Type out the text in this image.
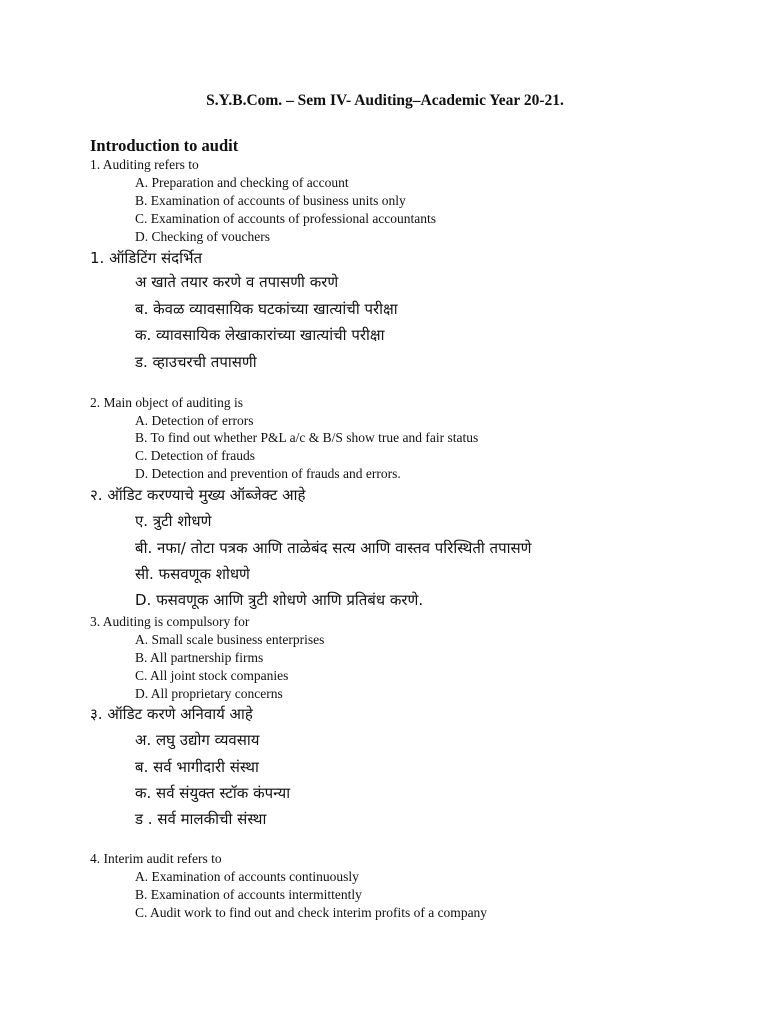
S.Y.B.Com. – Sem IV- Auditing–Academic Year 20-21.
Introduction to audit
1. Auditing refers to
A. Preparation and checking of account
B. Examination of accounts of business units only
C. Examination of accounts of professional accountants
D. Checking of vouchers
1. ऑडिटिंग संदर्भित
अ खाते तयार करणे व तपासणी करणे
ब. केवळ व्यावसायिक घटकांच्या खात्यांची परीक्षा
क. व्यावसायिक लेखाकारांच्या खात्यांची परीक्षा
ड. व्हाउचरची तपासणी
2. Main object of auditing is
A. Detection of errors
B. To find out whether P&L a/c & B/S show true and fair status
C. Detection of frauds
D. Detection and prevention of frauds and errors.
२. ऑडिट करण्याचे मुख्य ऑब्जेक्ट आहे
ए. त्रुटी शोधणे
बी. नफा/ तोटा पत्रक आणि ताळेबंद सत्य आणि वास्तव परिस्थिती तपासणे
सी. फसवणूक शोधणे
D. फसवणूक आणि त्रुटी शोधणे आणि प्रतिबंध करणे.
3. Auditing is compulsory for
A. Small scale business enterprises
B. All partnership firms
C. All joint stock companies
D. All proprietary concerns
३. ऑडिट करणे अनिवार्य आहे
अ. लघु उद्योग व्यवसाय
ब. सर्व भागीदारी संस्था
क. सर्व संयुक्त स्टॉक कंपन्या
ड . सर्व मालकीची संस्था
4. Interim audit refers to
A. Examination of accounts continuously
B. Examination of accounts intermittently
C. Audit work to find out and check interim profits of a company
